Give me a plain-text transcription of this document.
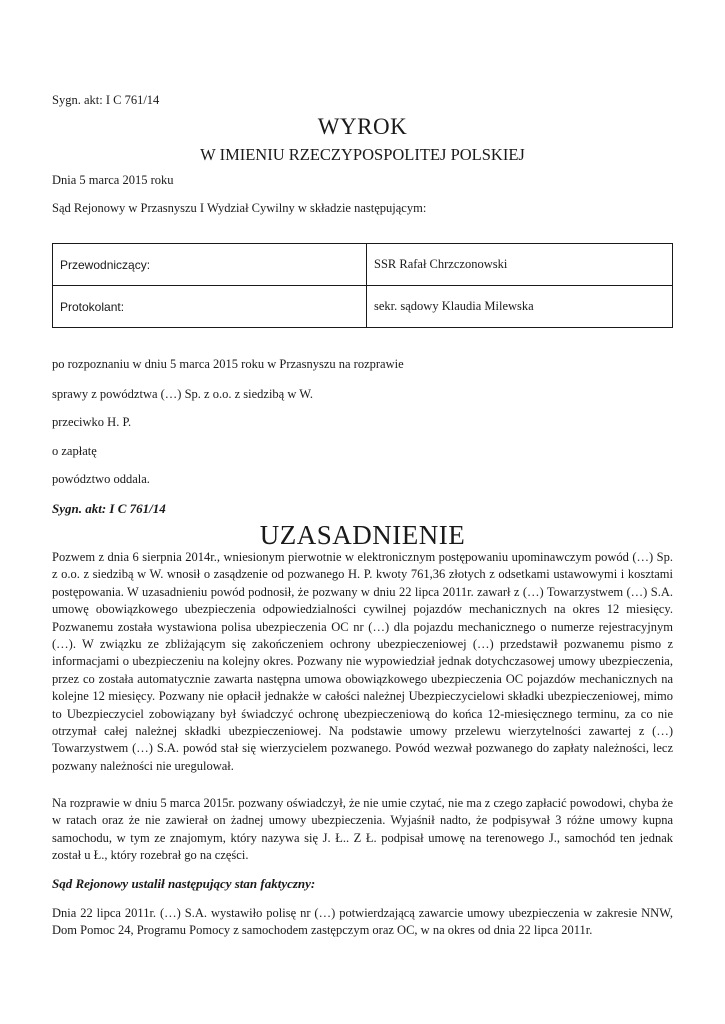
Sygn. akt: I C 761/14
WYROK
W IMIENIU RZECZYPOSPOLITEJ POLSKIEJ
Dnia 5 marca 2015 roku
Sąd Rejonowy w Przasnyszu I Wydział Cywilny w składzie następującym:
Przewodniczący:	SSR Rafał Chrzczonowski
Protokolant:	sekr. sądowy Klaudia Milewska
po rozpoznaniu w dniu 5 marca 2015 roku w Przasnyszu na rozprawie
sprawy z powództwa (…) Sp. z o.o. z siedzibą w W.
przeciwko H. P.
o zapłatę
powództwo oddala.
Sygn. akt: I C 761/14
UZASADNIENIE
Pozwem z dnia 6 sierpnia 2014r., wniesionym pierwotnie w elektronicznym postępowaniu upominawczym powód (…) Sp. z o.o. z siedzibą w W. wnosił o zasądzenie od pozwanego H. P. kwoty 761,36 złotych z odsetkami ustawowymi i kosztami postępowania. W uzasadnieniu powód podnosił, że pozwany w dniu 22 lipca 2011r. zawarł z (…) Towarzystwem (…) S.A. umowę obowiązkowego ubezpieczenia odpowiedzialności cywilnej pojazdów mechanicznych na okres 12 miesięcy. Pozwanemu została wystawiona polisa ubezpieczenia OC nr (…) dla pojazdu mechanicznego o numerze rejestracyjnym (…). W związku ze zbliżającym się zakończeniem ochrony ubezpieczeniowej (…) przedstawił pozwanemu pismo z informacjami o ubezpieczeniu na kolejny okres. Pozwany nie wypowiedział jednak dotychczasowej umowy ubezpieczenia, przez co została automatycznie zawarta następna umowa obowiązkowego ubezpieczenia OC pojazdów mechanicznych na kolejne 12 miesięcy. Pozwany nie opłacił jednakże w całości należnej Ubezpieczycielowi składki ubezpieczeniowej, mimo to Ubezpieczyciel zobowiązany był świadczyć ochronę ubezpieczeniową do końca 12-miesięcznego terminu, za co nie otrzymał całej należnej składki ubezpieczeniowej. Na podstawie umowy przelewu wierzytelności zawartej z (…) Towarzystwem (…) S.A. powód stał się wierzycielem pozwanego. Powód wezwał pozwanego do zapłaty należności, lecz pozwany należności nie uregulował.
Na rozprawie w dniu 5 marca 2015r. pozwany oświadczył, że nie umie czytać, nie ma z czego zapłacić powodowi, chyba że w ratach oraz że nie zawierał on żadnej umowy ubezpieczenia. Wyjaśnił nadto, że podpisywał 3 różne umowy kupna samochodu, w tym ze znajomym, który nazywa się J. Ł.. Z Ł. podpisał umowę na terenowego J., samochód ten jednak został u Ł., który rozebrał go na części.
Sąd Rejonowy ustalił następujący stan faktyczny:
Dnia 22 lipca 2011r. (…) S.A. wystawiło polisę nr (…) potwierdzającą zawarcie umowy ubezpieczenia w zakresie NNW, Dom Pomoc 24, Programu Pomocy z samochodem zastępczym oraz OC, w na okres od dnia 22 lipca 2011r.
